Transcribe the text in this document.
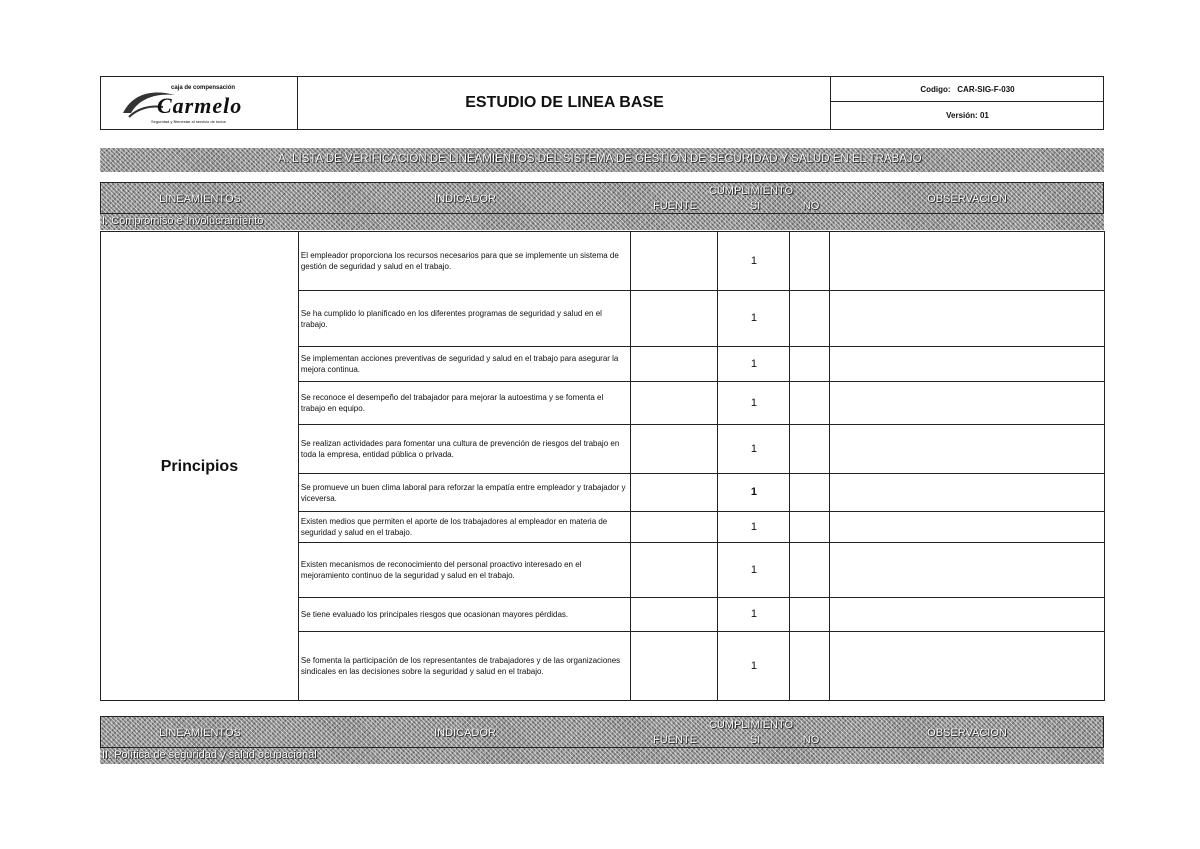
caja de compensación
Carmelo
Seguridad y Bienestar al servicio de todos
ESTUDIO DE LINEA BASE
Codigo: CAR-SIG-F-030
Versión: 01
A. LISTA DE VERIFICACIÓN DE LINEAMIENTOS DEL SISTEMA DE GESTIÓN DE SEGURIDAD Y SALUD EN EL TRABAJO
LINEAMIENTOS	INDICADOR
CUMPLIMIENTO
FUENTE	SI	NO
OBSERVACION
I. Compromiso e Involucramiento
Principios	El empleador proporciona los recursos necesarios para que se implemente un sistema de gestión de seguridad y salud en el trabajo.		1		
	Se ha cumplido lo planificado en los diferentes programas de seguridad y salud en el trabajo.		1		
	Se implementan acciones preventivas de seguridad y salud en el trabajo para asegurar la mejora continua.		1		
	Se reconoce el desempeño del trabajador para mejorar la autoestima y se fomenta el trabajo en equipo.		1		
	Se realizan actividades para fomentar una cultura de prevención de riesgos del trabajo en toda la empresa, entidad pública o privada.		1		
	Se promueve un buen clima laboral para reforzar la empatía entre empleador y trabajador y viceversa.		1		
	Existen medios que permiten el aporte de los trabajadores al empleador en materia de seguridad y salud en el trabajo.		1		
	Existen mecanismos de reconocimiento del personal proactivo interesado en el mejoramiento continuo de la seguridad y salud en el trabajo.		1		
	Se tiene evaluado los principales riesgos que ocasionan mayores pérdidas.		1		
	Se fomenta la participación de los representantes de trabajadores y de las organizaciones sindicales en las decisiones sobre la seguridad y salud en el trabajo.		1		
LINEAMIENTOS	INDICADOR
CUMPLIMIENTO
FUENTE	SI	NO
OBSERVACION
II. Política de seguridad y salud ocupacional
